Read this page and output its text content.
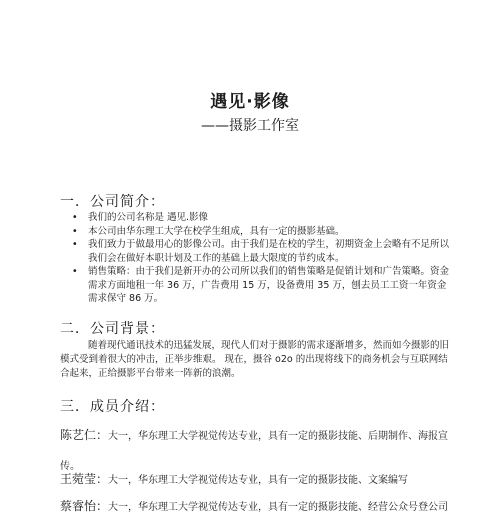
遇见·影像
——摄影工作室
一．公司简介：
• 我们的公司名称是 遇见.影像
• 本公司由华东理工大学在校学生组成，具有一定的摄影基础。
• 我们致力于做最用心的影像公司。由于我们是在校的学生，初期资金上会略有不足所以我们会在做好本职计划及工作的基础上最大限度的节约成本。
• 销售策略：由于我们是新开办的公司所以我们的销售策略是促销计划和广告策略。资金需求方面地租一年 36 万，广告费用 15 万，设备费用 35 万，刨去员工工资一年资金需求保守 86 万。
二．公司背景：
随着现代通讯技术的迅猛发展，现代人们对于摄影的需求逐渐增多，然而如今摄影的旧模式受到着很大的冲击，正举步维艰。 现在，摄谷 o2o 的出现将线下的商务机会与互联网结合起来，正给摄影平台带来一阵新的浪潮。
三．成员介绍：
陈艺仁：大一，华东理工大学视觉传达专业，具有一定的摄影技能、后期制作、海报宣传。
王菀莹：大一，华东理工大学视觉传达专业，具有一定的摄影技能、文案编写
蔡睿怡：大一，华东理工大学视觉传达专业，具有一定的摄影技能、经营公众号登公司
